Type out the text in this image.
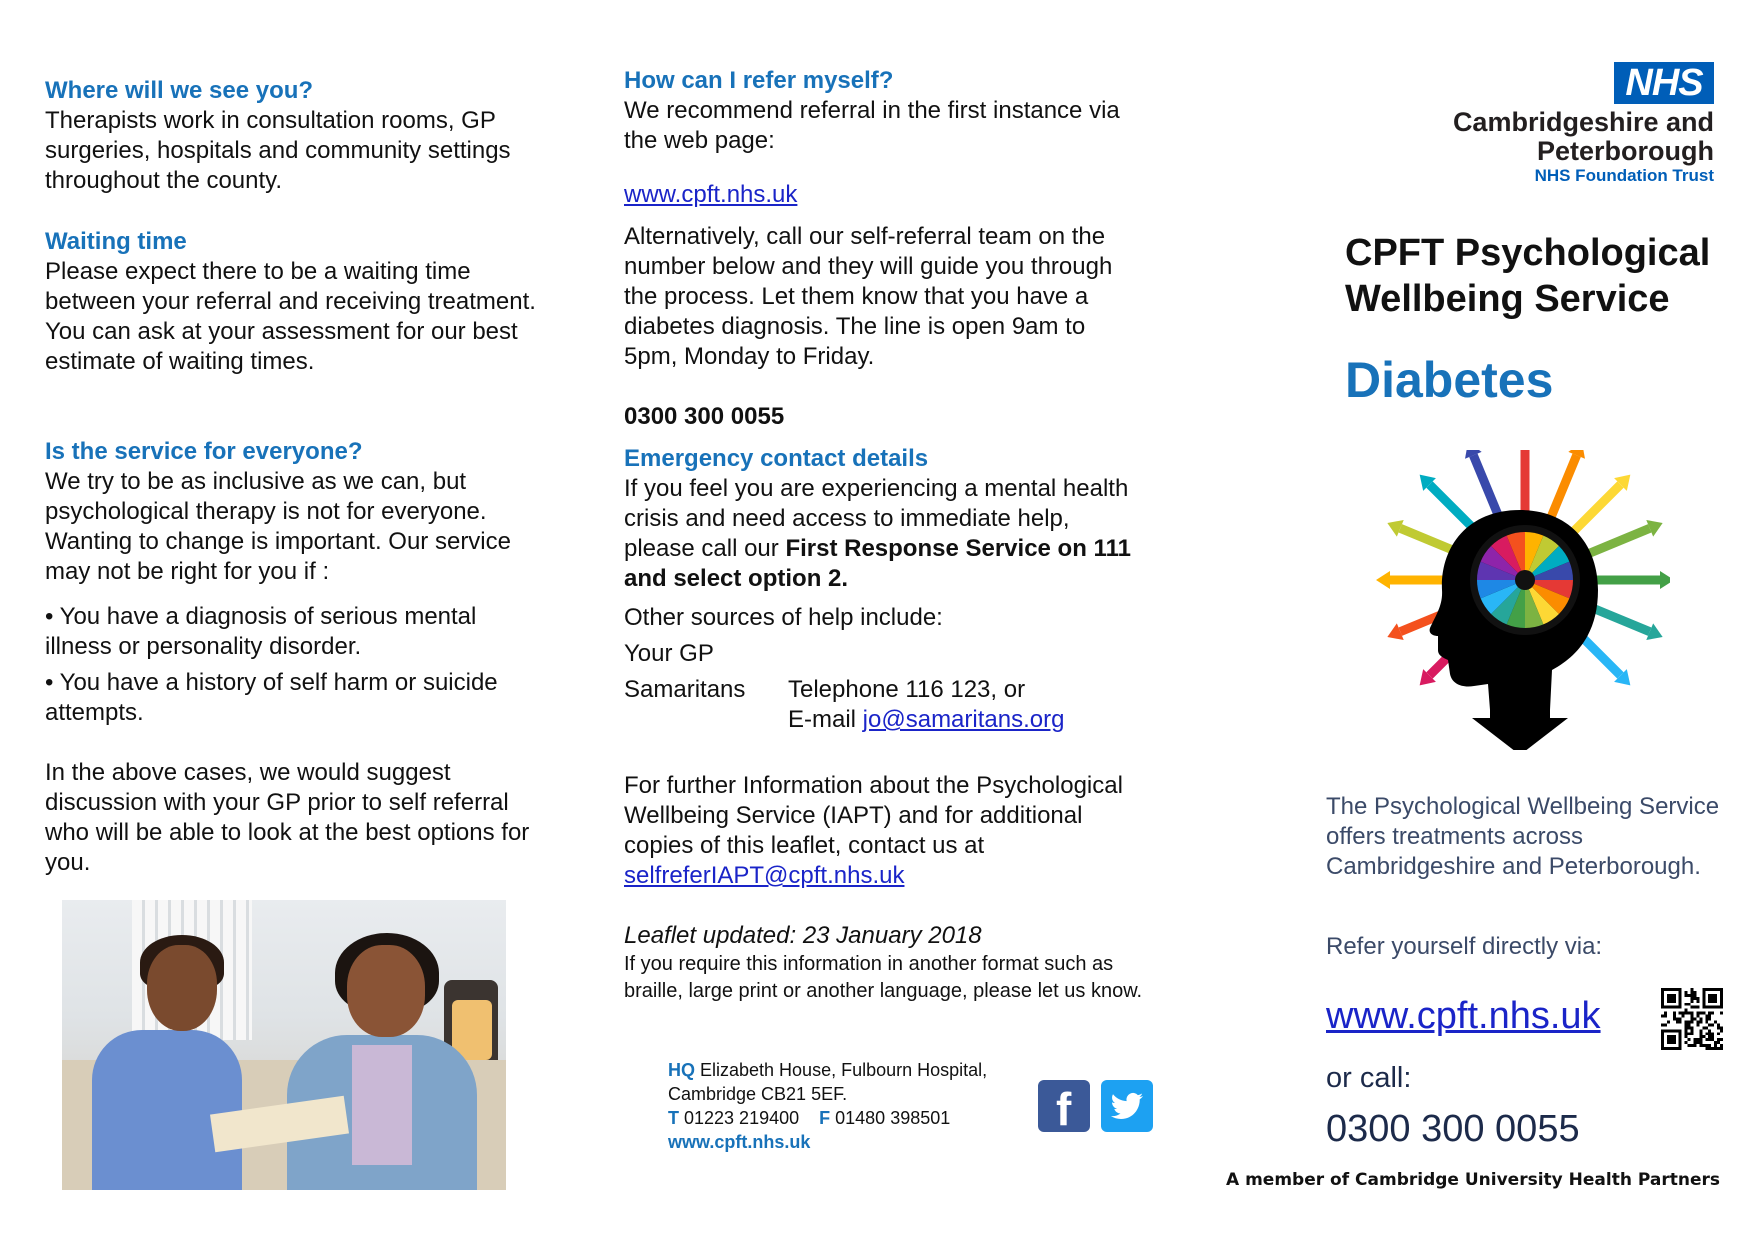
Where will we see you?

Therapists work in consultation rooms, GP surgeries, hospitals and community settings throughout the county.

Waiting time

Please expect there to be a waiting time between your referral and receiving treatment. You can ask at your assessment for our best estimate of waiting times.

Is the service for everyone?

We try to be as inclusive as we can, but psychological therapy is not for everyone. Wanting to change is important. Our service may not be right for you if :

• You have a diagnosis of serious mental illness or personality disorder.

• You have a history of self harm or suicide attempts.

In the above cases, we would suggest discussion with your GP prior to self referral who will be able to look at the best options for you.

How can I refer myself?

We recommend referral in the first instance via the web page:

www.cpft.nhs.uk

Alternatively, call our self-referral team on the number below and they will guide you through the process. Let them know that you have a diabetes diagnosis. The line is open 9am to 5pm, Monday to Friday.

0300 300 0055

Emergency contact details

If you feel you are experiencing a mental health crisis and need access to immediate help, please call our First Response Service on 111 and select option 2.

Other sources of help include:

Your GP

Samaritans Telephone 116 123, or

E-mail jo@samaritans.org

For further Information about the Psychological Wellbeing Service (IAPT) and for additional copies of this leaflet, contact us at selfreferIAPT@cpft.nhs.uk

Leaflet updated: 23 January 2018

If you require this information in another format such as braille, large print or another language, please let us know.

HQ Elizabeth House, Fulbourn Hospital,
Cambridge CB21 5EF.
T 01223 219400 F 01480 398501
www.cpft.nhs.uk
f
NHS
Cambridgeshire and
Peterborough
NHS Foundation Trust
CPFT Psychological
Wellbeing Service
Diabetes
The Psychological Wellbeing Service offers treatments across Cambridgeshire and Peterborough.
Refer yourself directly via:
www.cpft.nhs.uk
or call:
0300 300 0055
A member of Cambridge University Health Partners
